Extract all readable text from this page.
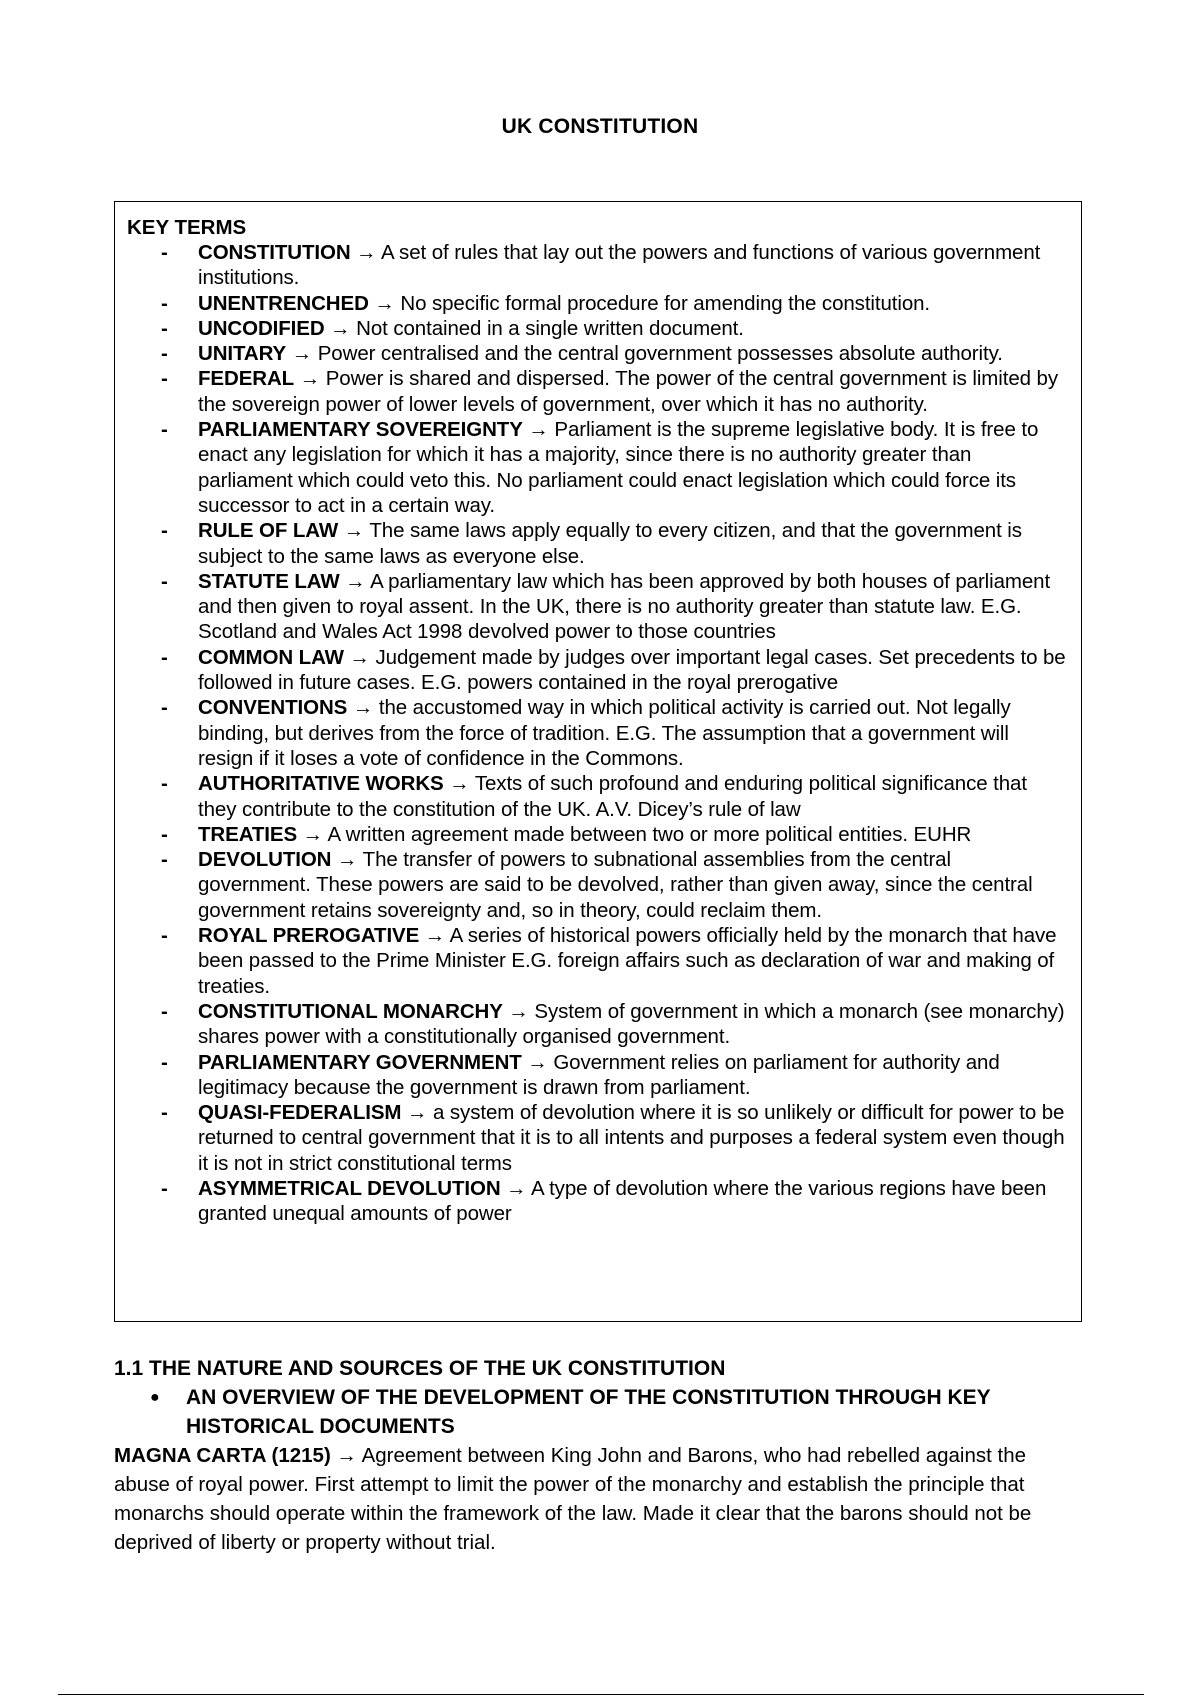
UK CONSTITUTION
KEY TERMS
-	CONSTITUTION → A set of rules that lay out the powers and functions of various government institutions.
-	UNENTRENCHED → No specific formal procedure for amending the constitution.
-	UNCODIFIED → Not contained in a single written document.
-	UNITARY → Power centralised and the central government possesses absolute authority.
-	FEDERAL → Power is shared and dispersed. The power of the central government is limited by the sovereign power of lower levels of government, over which it has no authority.
-	PARLIAMENTARY SOVEREIGNTY → Parliament is the supreme legislative body. It is free to enact any legislation for which it has a majority, since there is no authority greater than parliament which could veto this. No parliament could enact legislation which could force its successor to act in a certain way.
-	RULE OF LAW → The same laws apply equally to every citizen, and that the government is subject to the same laws as everyone else.
-	STATUTE LAW → A parliamentary law which has been approved by both houses of parliament and then given to royal assent. In the UK, there is no authority greater than statute law. E.G. Scotland and Wales Act 1998 devolved power to those countries
-	COMMON LAW → Judgement made by judges over important legal cases. Set precedents to be followed in future cases. E.G. powers contained in the royal prerogative
-	CONVENTIONS → the accustomed way in which political activity is carried out. Not legally binding, but derives from the force of tradition. E.G. The assumption that a government will resign if it loses a vote of confidence in the Commons.
-	AUTHORITATIVE WORKS → Texts of such profound and enduring political significance that they contribute to the constitution of the UK. A.V. Dicey’s rule of law
-	TREATIES → A written agreement made between two or more political entities. EUHR
-	DEVOLUTION → The transfer of powers to subnational assemblies from the central government. These powers are said to be devolved, rather than given away, since the central government retains sovereignty and, so in theory, could reclaim them.
-	ROYAL PREROGATIVE → A series of historical powers officially held by the monarch that have been passed to the Prime Minister E.G. foreign affairs such as declaration of war and making of treaties.
-	CONSTITUTIONAL MONARCHY → System of government in which a monarch (see monarchy) shares power with a constitutionally organised government.
-	PARLIAMENTARY GOVERNMENT → Government relies on parliament for authority and legitimacy because the government is drawn from parliament.
-	QUASI-FEDERALISM → a system of devolution where it is so unlikely or difficult for power to be returned to central government that it is to all intents and purposes a federal system even though it is not in strict constitutional terms
-	ASYMMETRICAL DEVOLUTION → A type of devolution where the various regions have been granted unequal amounts of power
1.1 THE NATURE AND SOURCES OF THE UK CONSTITUTION
● AN OVERVIEW OF THE DEVELOPMENT OF THE CONSTITUTION THROUGH KEY HISTORICAL DOCUMENTS
MAGNA CARTA (1215) → Agreement between King John and Barons, who had rebelled against the abuse of royal power. First attempt to limit the power of the monarchy and establish the principle that monarchs should operate within the framework of the law. Made it clear that the barons should not be deprived of liberty or property without trial.
